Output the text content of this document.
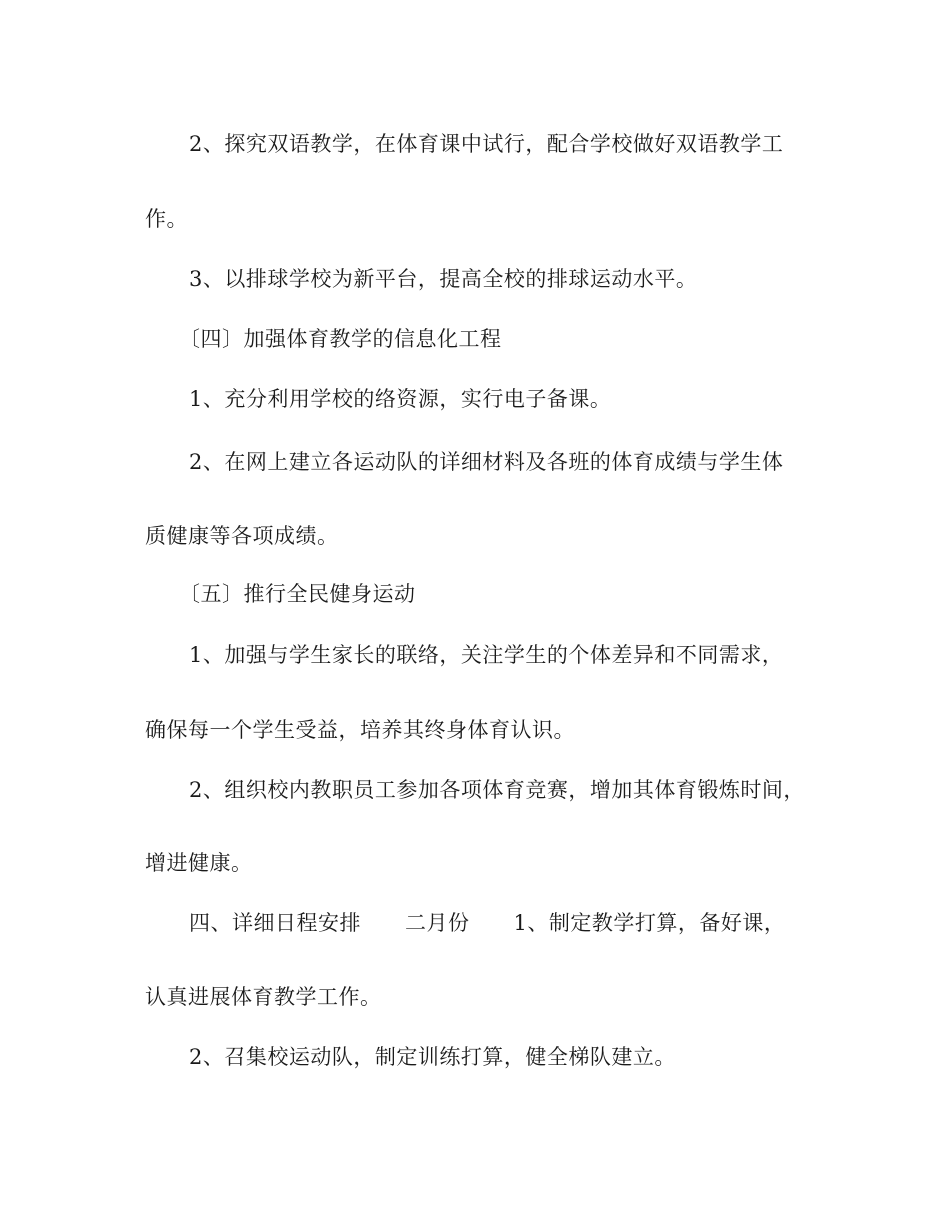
2、探究双语教学，在体育课中试行，配合学校做好双语教学工
作。
3、以排球学校为新平台，提高全校的排球运动水平。
〔四〕加强体育教学的信息化工程
1、充分利用学校的络资源，实行电子备课。
2、在网上建立各运动队的详细材料及各班的体育成绩与学生体
质健康等各项成绩。
〔五〕推行全民健身运动
1、加强与学生家长的联络，关注学生的个体差异和不同需求，
确保每一个学生受益，培养其终身体育认识。
2、组织校内教职员工参加各项体育竞赛，增加其体育锻炼时间，
增进健康。
四、详细日程安排 二月份 1、制定教学打算，备好课，
认真进展体育教学工作。
2、召集校运动队，制定训练打算，健全梯队建立。
